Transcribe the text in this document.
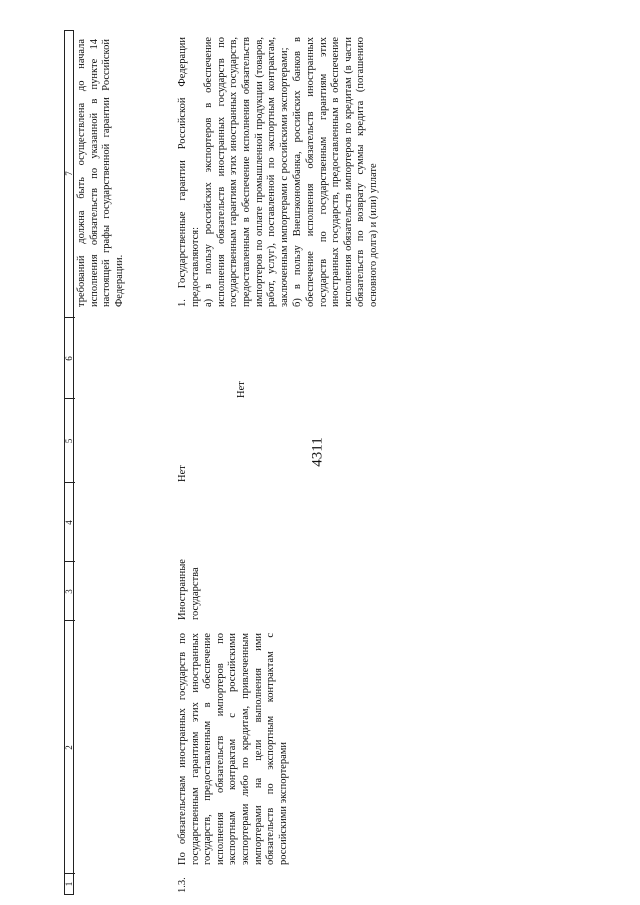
4311
1
2
3
4
5
6
7 требований должна быть осуществлена до начала исполнения обязательств по указанной в пункте 14 настоящей графы государственной гарантии Российской Федерации.
1.3.
По обязательствам иностранных государств по государственным гарантиям этих иностранных государств, предоставленным в обеспечение исполнения обязательств импортеров по экспортным контрактам с российскими экспортерами либо по кредитам, привлеченным импортерами на цели выполнения ими обязательств по экспортным контрактам с российскими экспортерами
Иностранные государства
Нет
Нет

1. Государственные гарантии Российской Федерации предоставляются: а) в пользу российских экспортеров в обеспечение исполнения обязательств иностранных государств по государственным гарантиям этих иностранных государств, предоставленным в обеспечение исполнения обязательств импортеров по оплате промышленной продукции (товаров, работ, услуг), поставленной по экспортным контрактам, заключенным импортерами с российскими экспортерами; б) в пользу Внешэкономбанка, российских банков в обеспечение исполнения обязательств иностранных государств по государственным гарантиям этих иностранных государств, предоставленным в обеспечение исполнения обязательств импортеров по кредитам (в части обязательств по возврату суммы кредита (погашению основного долга) и (или) уплате
